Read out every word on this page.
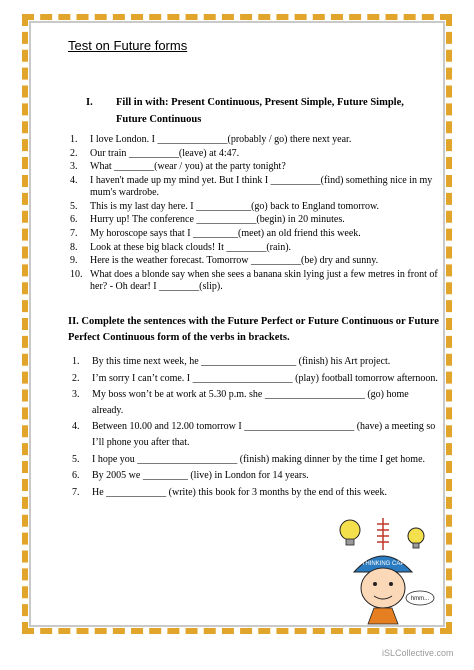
Test on Future forms
I. Fill in with: Present Continuous, Present Simple, Future Simple,
Future Continuous
1.	I love London. I ______________(probably / go) there next year.
2.	Our train __________(leave) at 4:47.
3.	What ________(wear / you) at the party tonight?
4.	I haven't made up my mind yet. But I think I __________(find) something nice in my mum's wardrobe.
5.	This is my last day here. I ___________(go) back to England tomorrow.
6.	Hurry up! The conference ____________(begin) in 20 minutes.
7.	My horoscope says that I _________(meet) an old friend this week.
8.	Look at these big black clouds! It ________(rain).
9.	Here is the weather forecast. Tomorrow __________(be) dry and sunny.
10. What does a blonde say when she sees a banana skin lying just a few metres in front of her? - Oh dear! I ________(slip).
II. Complete the sentences with the Future Perfect or Future Continuous or Future Perfect Continuous form of the verbs in brackets.
1.	By this time next week, he ___________________ (finish) his Art project.
2.	I’m sorry I can’t come. I ____________________ (play) football tomorrow afternoon.
3.	My boss won’t be at work at 5.30 p.m. she ____________________ (go) home already.
4.	Between 10.00 and 12.00 tomorrow I ______________________ (have) a meeting so I’ll phone you after that.
5.	I hope you ____________________ (finish) making dinner by the time I get home.
6.	By 2005 we _________ (live) in London for 14 years.
7.	He ____________ (write) this book for 3 months by the end of this week.
THINKING CAP
hmm...
iSLCollective.com
